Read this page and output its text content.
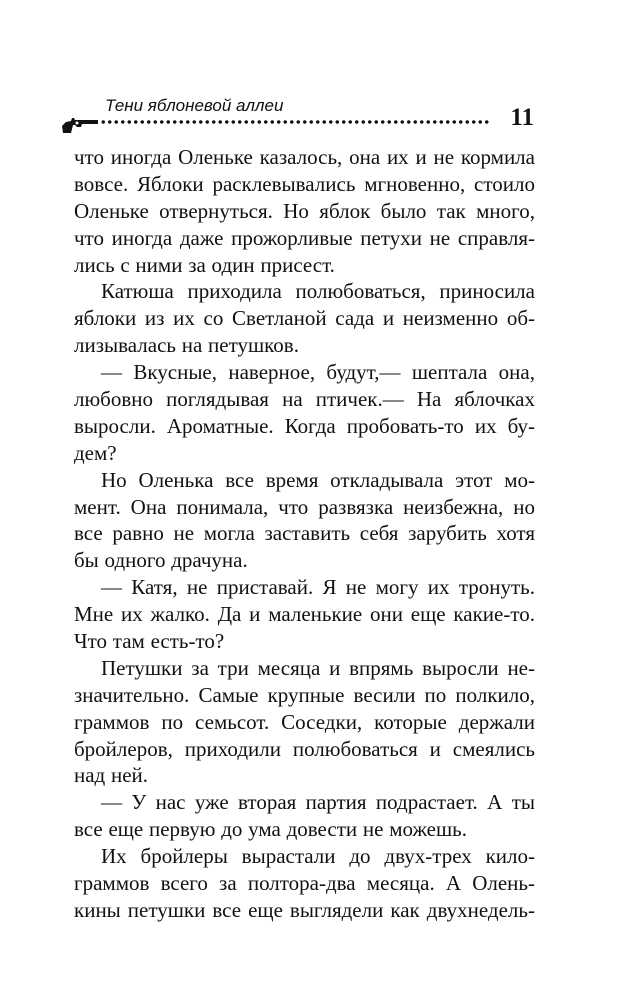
Тени яблоневой аллеи	11
что иногда Оленьке казалось, она их и не кормила
вовсе. Яблоки расклевывались мгновенно, стоило
Оленьке отвернуться. Но яблок было так много,
что иногда даже прожорливые петухи не справля-
лись с ними за один присест.
Катюша приходила полюбоваться, приносила
яблоки из их со Светланой сада и неизменно об-
лизывалась на петушков.
— Вкусные, наверное, будут,— шептала она,
любовно поглядывая на птичек.— На яблочках
выросли. Ароматные. Когда пробовать-то их бу-
дем?
Но Оленька все время откладывала этот мо-
мент. Она понимала, что развязка неизбежна, но
все равно не могла заставить себя зарубить хотя
бы одного драчуна.
— Катя, не приставай. Я не могу их тронуть.
Мне их жалко. Да и маленькие они еще какие-то.
Что там есть-то?
Петушки за три месяца и впрямь выросли не-
значительно. Самые крупные весили по полкило,
граммов по семьсот. Соседки, которые держали
бройлеров, приходили полюбоваться и смеялись
над ней.
— У нас уже вторая партия подрастает. А ты
все еще первую до ума довести не можешь.
Их бройлеры вырастали до двух-трех кило-
граммов всего за полтора-два месяца. А Олень-
кины петушки все еще выглядели как двухнедель-
